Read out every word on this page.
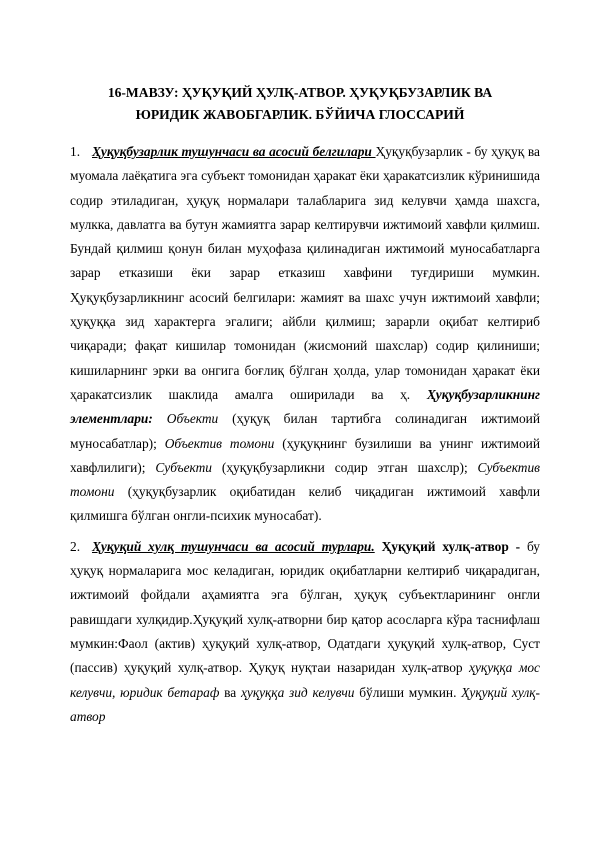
16-МАВЗУ: ҲУҚУҚИЙ ҲУЛҚ-АТВОР. ҲУҚУҚБУЗАРЛИК ВА
ЮРИДИК ЖАВОБГАРЛИК. БЎЙИЧА ГЛОССАРИЙ

1. Ҳуқуқбузарлик тушунчаси ва асосий белгилари Ҳуқуқбузарлик - бу ҳуқуқ ва муомала лаёқатига эга субъект томонидан ҳаракат ёки ҳаракатсизлик кўринишида содир этиладиган, ҳуқуқ нормалари талабларига зид келувчи ҳамда шахсга, мулкка, давлатга ва бутун жамиятга зарар келтирувчи ижтимоий хавфли қилмиш. Бундай қилмиш қонун билан муҳофаза қилинадиган ижтимоий муносабатларга зарар етказиши ёки зарар етказиш хавфини туғдириши мумкин. Ҳуқуқбузарликнинг асосий белгилари: жамият ва шахс учун ижтимоий хавфли; ҳуқуққа зид характерга эгалиги; айбли қилмиш; зарарли оқибат келтириб чиқаради; фақат кишилар томонидан (жисмоний шахслар) содир қилиниши; кишиларнинг эрки ва онгига боғлиқ бўлган ҳолда, улар томонидан ҳаракат ёки ҳаракатсизлик шаклида амалга оширилади ва ҳ. Ҳуқуқбузарликнинг элементлари: Объекти (ҳуқуқ билан тартибга солинадиган ижтимоий муносабатлар); Объектив томони (ҳуқуқнинг бузилиши ва унинг ижтимоий хавфлилиги); Субъекти (ҳуқуқбузарликни содир этган шахслр); Субъектив томони (ҳуқуқбузарлик оқибатидан келиб чиқадиган ижтимоий хавфли қилмишга бўлган онгли-психик муносабат).

2. Ҳуқуқий хулқ тушунчаси ва асосий турлари. Ҳуқуқий хулқ-атвор - бу ҳуқуқ нормаларига мос келадиган, юридик оқибатларни келтириб чиқарадиган, ижтимоий фойдали аҳамиятга эга бўлган, ҳуқуқ субъектларининг онгли равишдаги хулқидир.Ҳуқуқий хулқ-атворни бир қатор асосларга кўра таснифлаш мумкин:Фаол (актив) ҳуқуқий хулқ-атвор, Одатдаги ҳуқуқий хулқ-атвор, Суст (пассив) ҳуқуқий хулқ-атвор. Ҳуқуқ нуқтаи назаридан хулқ-атвор ҳуқуққа мос келувчи, юридик бетараф ва ҳуқуққа зид келувчи бўлиши мумкин. Ҳуқуқий хулқ-атвор
